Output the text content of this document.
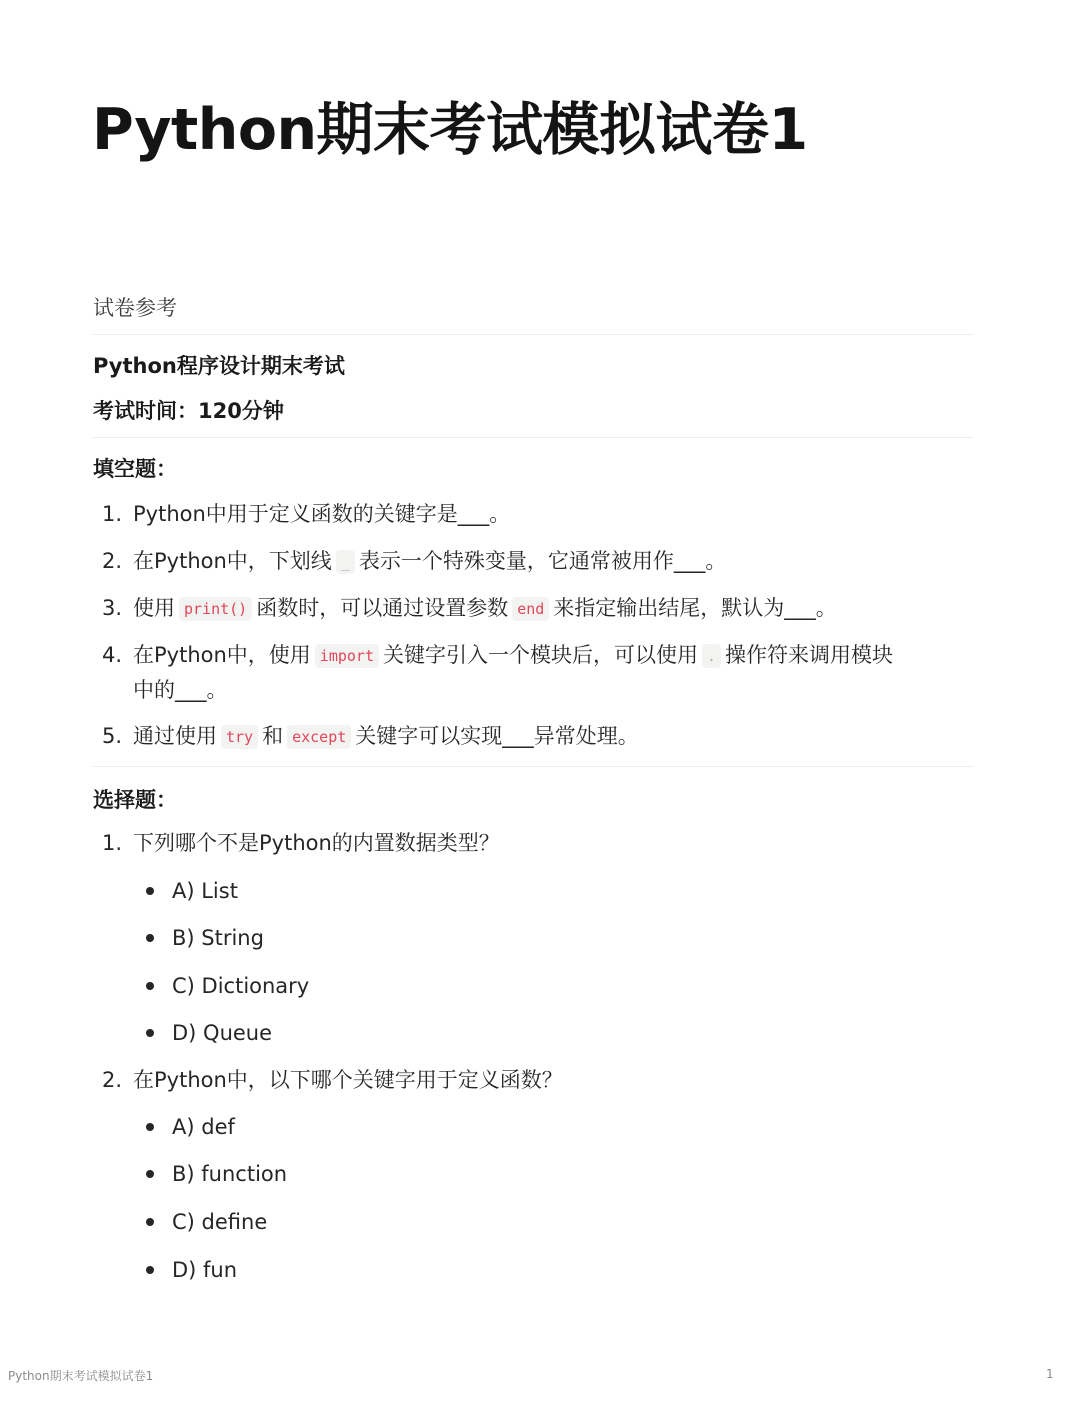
Python期末考试模拟试卷1
试卷参考
Python程序设计期末考试
考试时间：120分钟
填空题：
1. Python中用于定义函数的关键字是___。
2. 在Python中，下划线 _ 表示一个特殊变量，它通常被用作___。
3. 使用 print() 函数时，可以通过设置参数 end 来指定输出结尾，默认为___。
4. 在Python中，使用 import 关键字引入一个模块后，可以使用 . 操作符来调用模块
中的___。
5. 通过使用 try 和 except 关键字可以实现___异常处理。
选择题：
1. 下列哪个不是Python的内置数据类型？
A) List
B) String
C) Dictionary
D) Queue
2. 在Python中，以下哪个关键字用于定义函数？
A) def
B) function
C) define
D) fun
Python期末考试模拟试卷1	1
